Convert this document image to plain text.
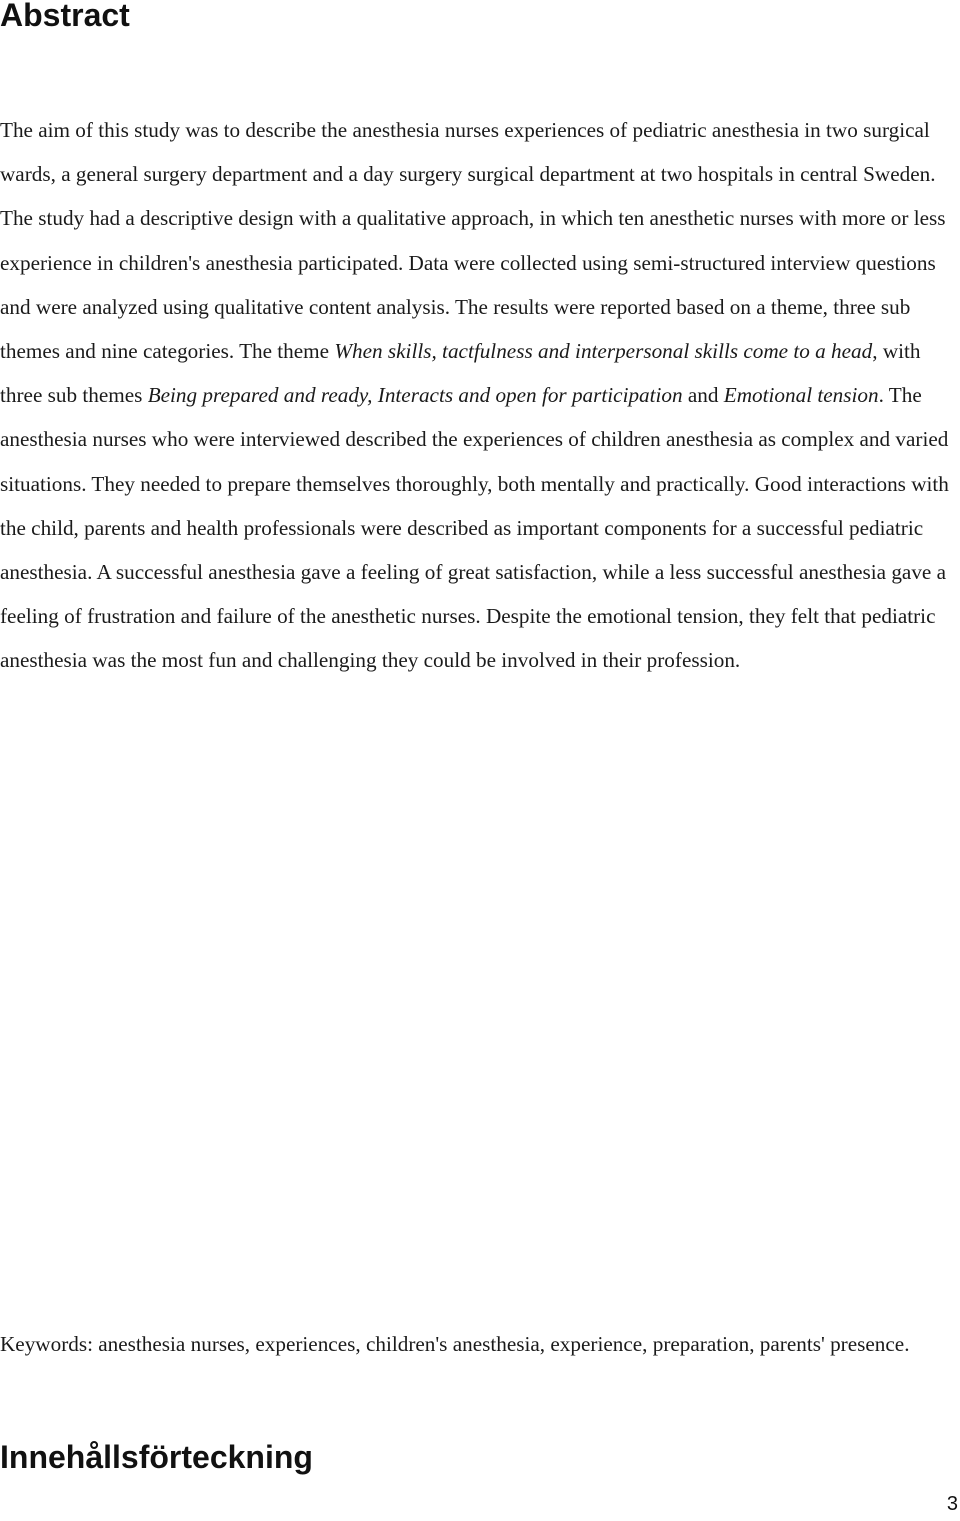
Abstract

The aim of this study was to describe the anesthesia nurses experiences of pediatric anesthesia in two surgical wards, a general surgery department and a day surgery surgical department at two hospitals in central Sweden. The study had a descriptive design with a qualitative approach, in which ten anesthetic nurses with more or less experience in children's anesthesia participated. Data were collected using semi-structured interview questions and were analyzed using qualitative content analysis. The results were reported based on a theme, three sub themes and nine categories. The theme When skills, tactfulness and interpersonal skills come to a head, with three sub themes Being prepared and ready, Interacts and open for participation and Emotional tension. The anesthesia nurses who were interviewed described the experiences of children anesthesia as complex and varied situations. They needed to prepare themselves thoroughly, both mentally and practically. Good interactions with the child, parents and health professionals were described as important components for a successful pediatric anesthesia. A successful anesthesia gave a feeling of great satisfaction, while a less successful anesthesia gave a feeling of frustration and failure of the anesthetic nurses. Despite the emotional tension, they felt that pediatric anesthesia was the most fun and challenging they could be involved in their profession.

Keywords: anesthesia nurses, experiences, children's anesthesia, experience, preparation, parents' presence.

Innehållsförteckning
3
